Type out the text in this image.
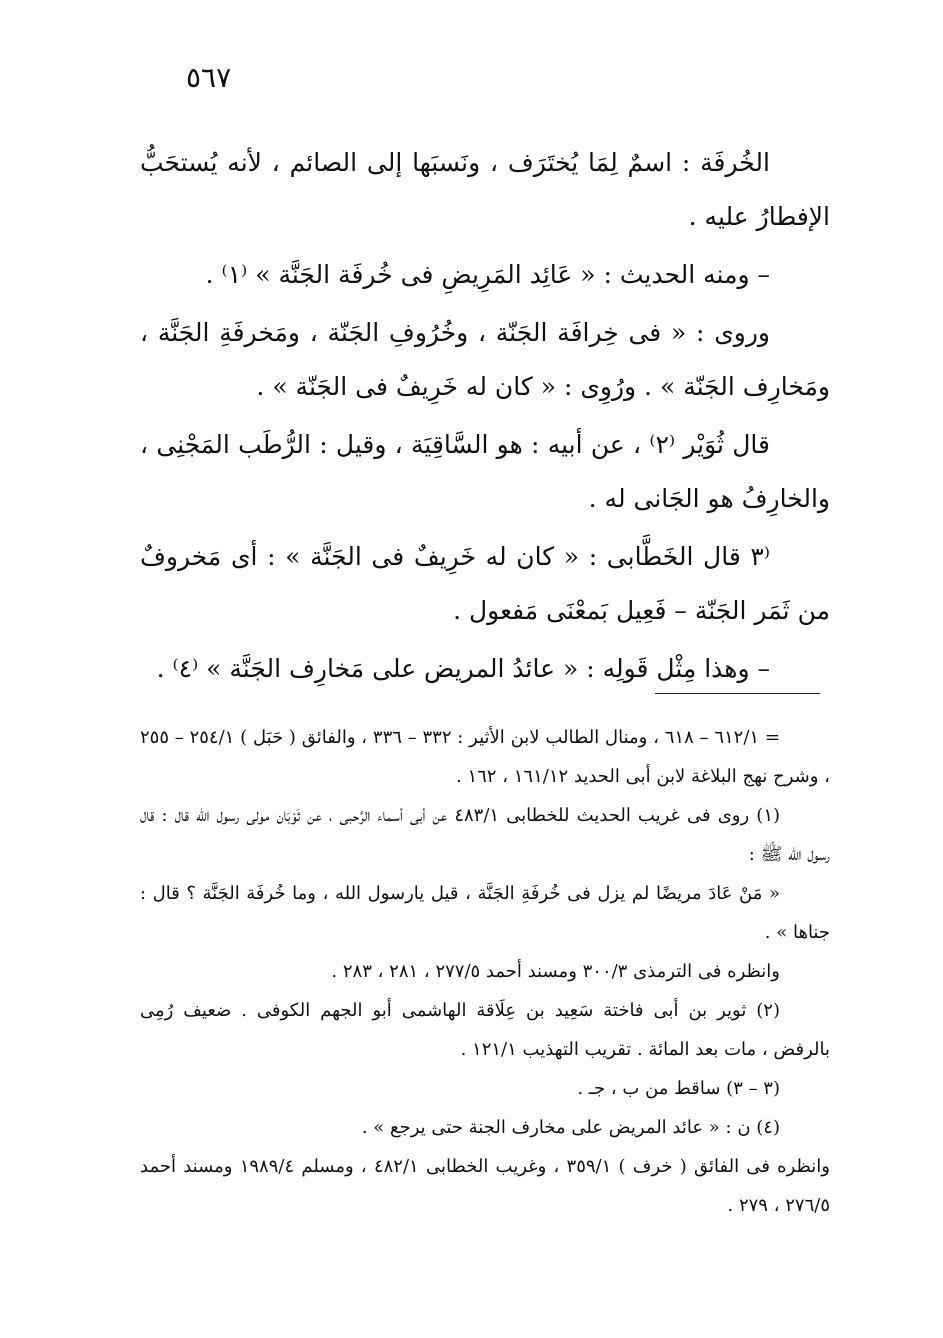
٥٦٧

الخُرفَة : اسمٌ لِمَا يُختَرَف ، ونَسبَها إلى الصائم ، لأنه يُستحَبُّ الإفطارُ عليه .

– ومنه الحديث : « عَائِد المَرِيضِ فى خُرفَة الجَنَّة » ⁽١⁾ .

وروى : « فى خِرافَة الجَنّة ، وخُرُوفِ الجَنّة ، ومَخرفَةِ الجَنَّة ، ومَخارِف الجَنّة » . ورُوِى : « كان له خَرِيفٌ فى الجَنّة » .

قال ثُوَيْر ⁽٢⁾ ، عن أبيه : هو السَّاقِيَة ، وقيل : الرُّطَب المَجْنِى ، والخارِفُ هو الجَانى له .

⁽٣ قال الخَطَّابى : « كان له خَرِيفٌ فى الجَنَّة » : أى مَخروفٌ من ثَمَر الجَنّة – فَعِيل بَمعْنَى مَفعول .

– وهذا مِثْل قَولِه : « عائدُ المريض على مَخارِف الجَنَّة » ⁽٤⁾ .

= ٦١٢/١ – ٦١٨ ، ومنال الطالب لابن الأثير : ٣٣٢ – ٣٣٦ ، والفائق ( حَبَل ) ٢٥٤/١ – ٢٥٥ ، وشرح نهج البلاغة لابن أبى الحديد ١٦١/١٢ ، ١٦٢ .

(١) روى فى غريب الحديث للخطابى ٤٨٣/١ عن أبى أسماء الرَّحبى ، عن ثَوْبَان مولى رسول الله قال : قال رسول الله ﷺ :

« مَنْ عَادَ مريضًا لم يزل فى خُرفَةِ الجَنَّة ، قيل يارسول الله ، وما خُرفَة الجَنَّة ؟ قال : جناها » .

وانظره فى الترمذى ٣٠٠/٣ ومسند أحمد ٢٧٧/٥ ، ٢٨١ ، ٢٨٣ .

(٢) ثوير بن أبى فاختة سَعِيد بن عِلَاقة الهاشمى أبو الجهم الكوفى . ضعيف رُمِى بالرفض ، مات بعد المائة . تقريب التهذيب ١٢١/١ .

(٣ – ٣) ساقط من ب ، جـ .

(٤) ن : « عائد المريض على مخارف الجنة حتى يرجع » .

وانظره فى الفائق ( خرف ) ٣٥٩/١ ، وغريب الخطابى ٤٨٢/١ ، ومسلم ١٩٨٩/٤ ومسند أحمد ٢٧٦/٥ ، ٢٧٩ .
